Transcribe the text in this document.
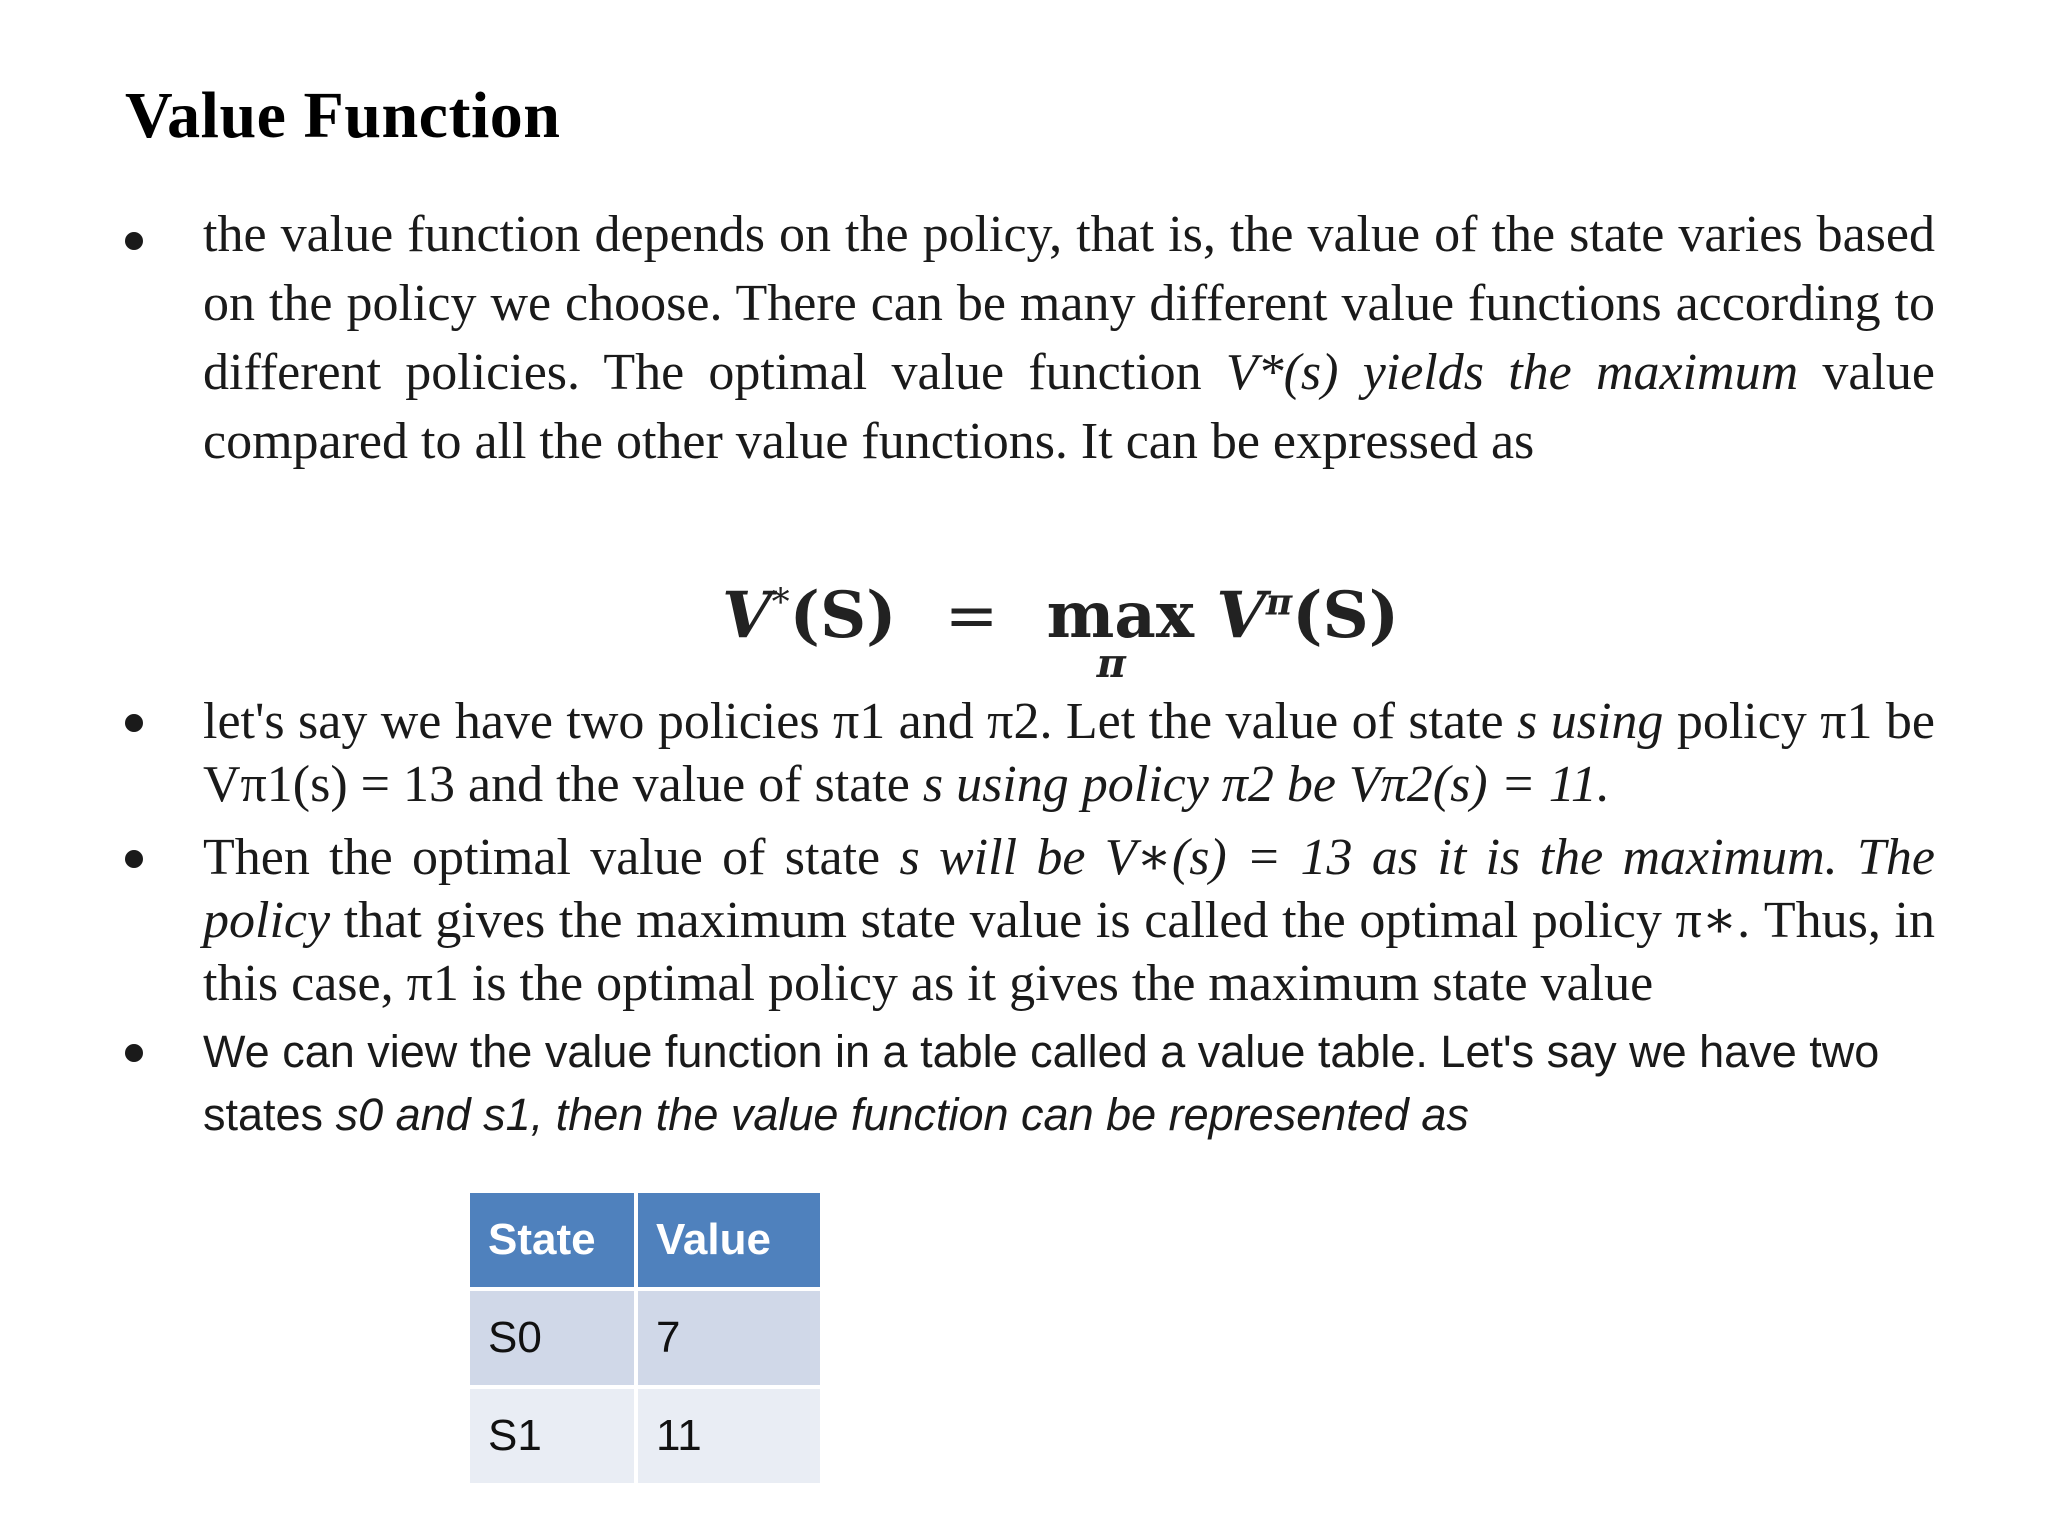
Value Function
the value function depends on the policy, that is, the value of the state varies based on the policy we choose. There can be many different value functions according to different policies. The optimal value function V*(s) yields the maximum value compared to all the other value functions. It can be expressed as
V*(S) = max
π
$V^\pi(S)$
let's say we have two policies π1 and π2. Let the value of state s using policy π1 be Vπ1(s) = 13 and the value of state s using policy π2 be Vπ2(s) = 11.
Then the optimal value of state s will be V∗(s) = 13 as it is the maximum. The policy that gives the maximum state value is called the optimal policy π∗. Thus, in this case, π1 is the optimal policy as it gives the maximum state value
We can view the value function in a table called a value table. Let's say we have two states s0 and s1, then the value function can be represented as
State	Value
S0	7
S1	11
